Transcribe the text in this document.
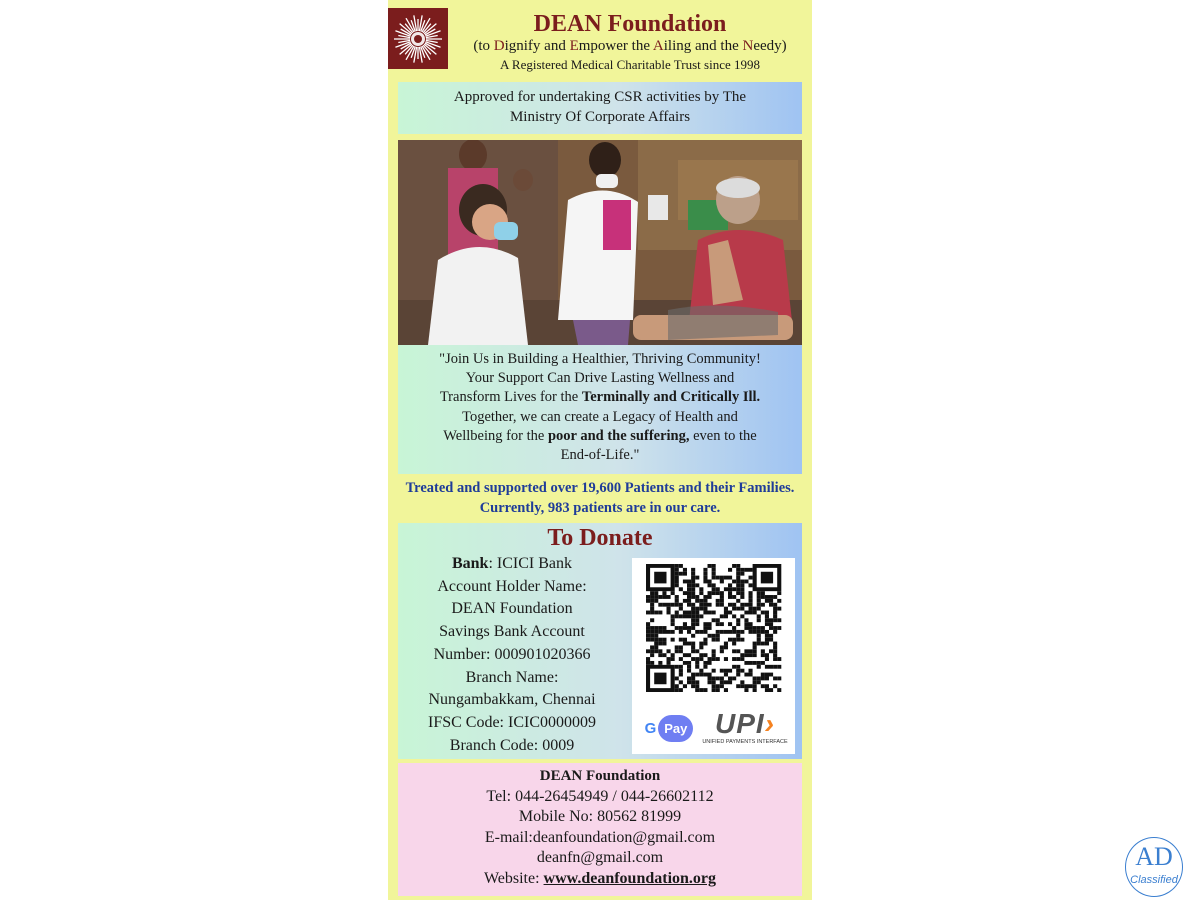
DEAN Foundation
(to Dignify and Empower the Ailing and the Needy)
A Registered Medical Charitable Trust since 1998
Approved for undertaking CSR activities by The
Ministry Of Corporate Affairs
"Join Us in Building a Healthier, Thriving Community!
Your Support Can Drive Lasting Wellness and
Transform Lives for the Terminally and Critically Ill.
Together, we can create a Legacy of Health and
Wellbeing for the poor and the suffering, even to the
End-of-Life."
Treated and supported over 19,600 Patients and their Families.
Currently, 983 patients are in our care.
To Donate
Bank: ICICI Bank
Account Holder Name:
DEAN Foundation
Savings Bank Account
Number: 000901020366
Branch Name:
Nungambakkam, Chennai
IFSC Code: ICIC0000009
Branch Code: 0009
G Pay UPI›
UNIFIED PAYMENTS INTERFACE
DEAN Foundation
Tel: 044-26454949 / 044-26602112
Mobile No: 80562 81999
E-mail:deanfoundation@gmail.com
deanfn@gmail.com
Website: www.deanfoundation.org
AD
Classified
